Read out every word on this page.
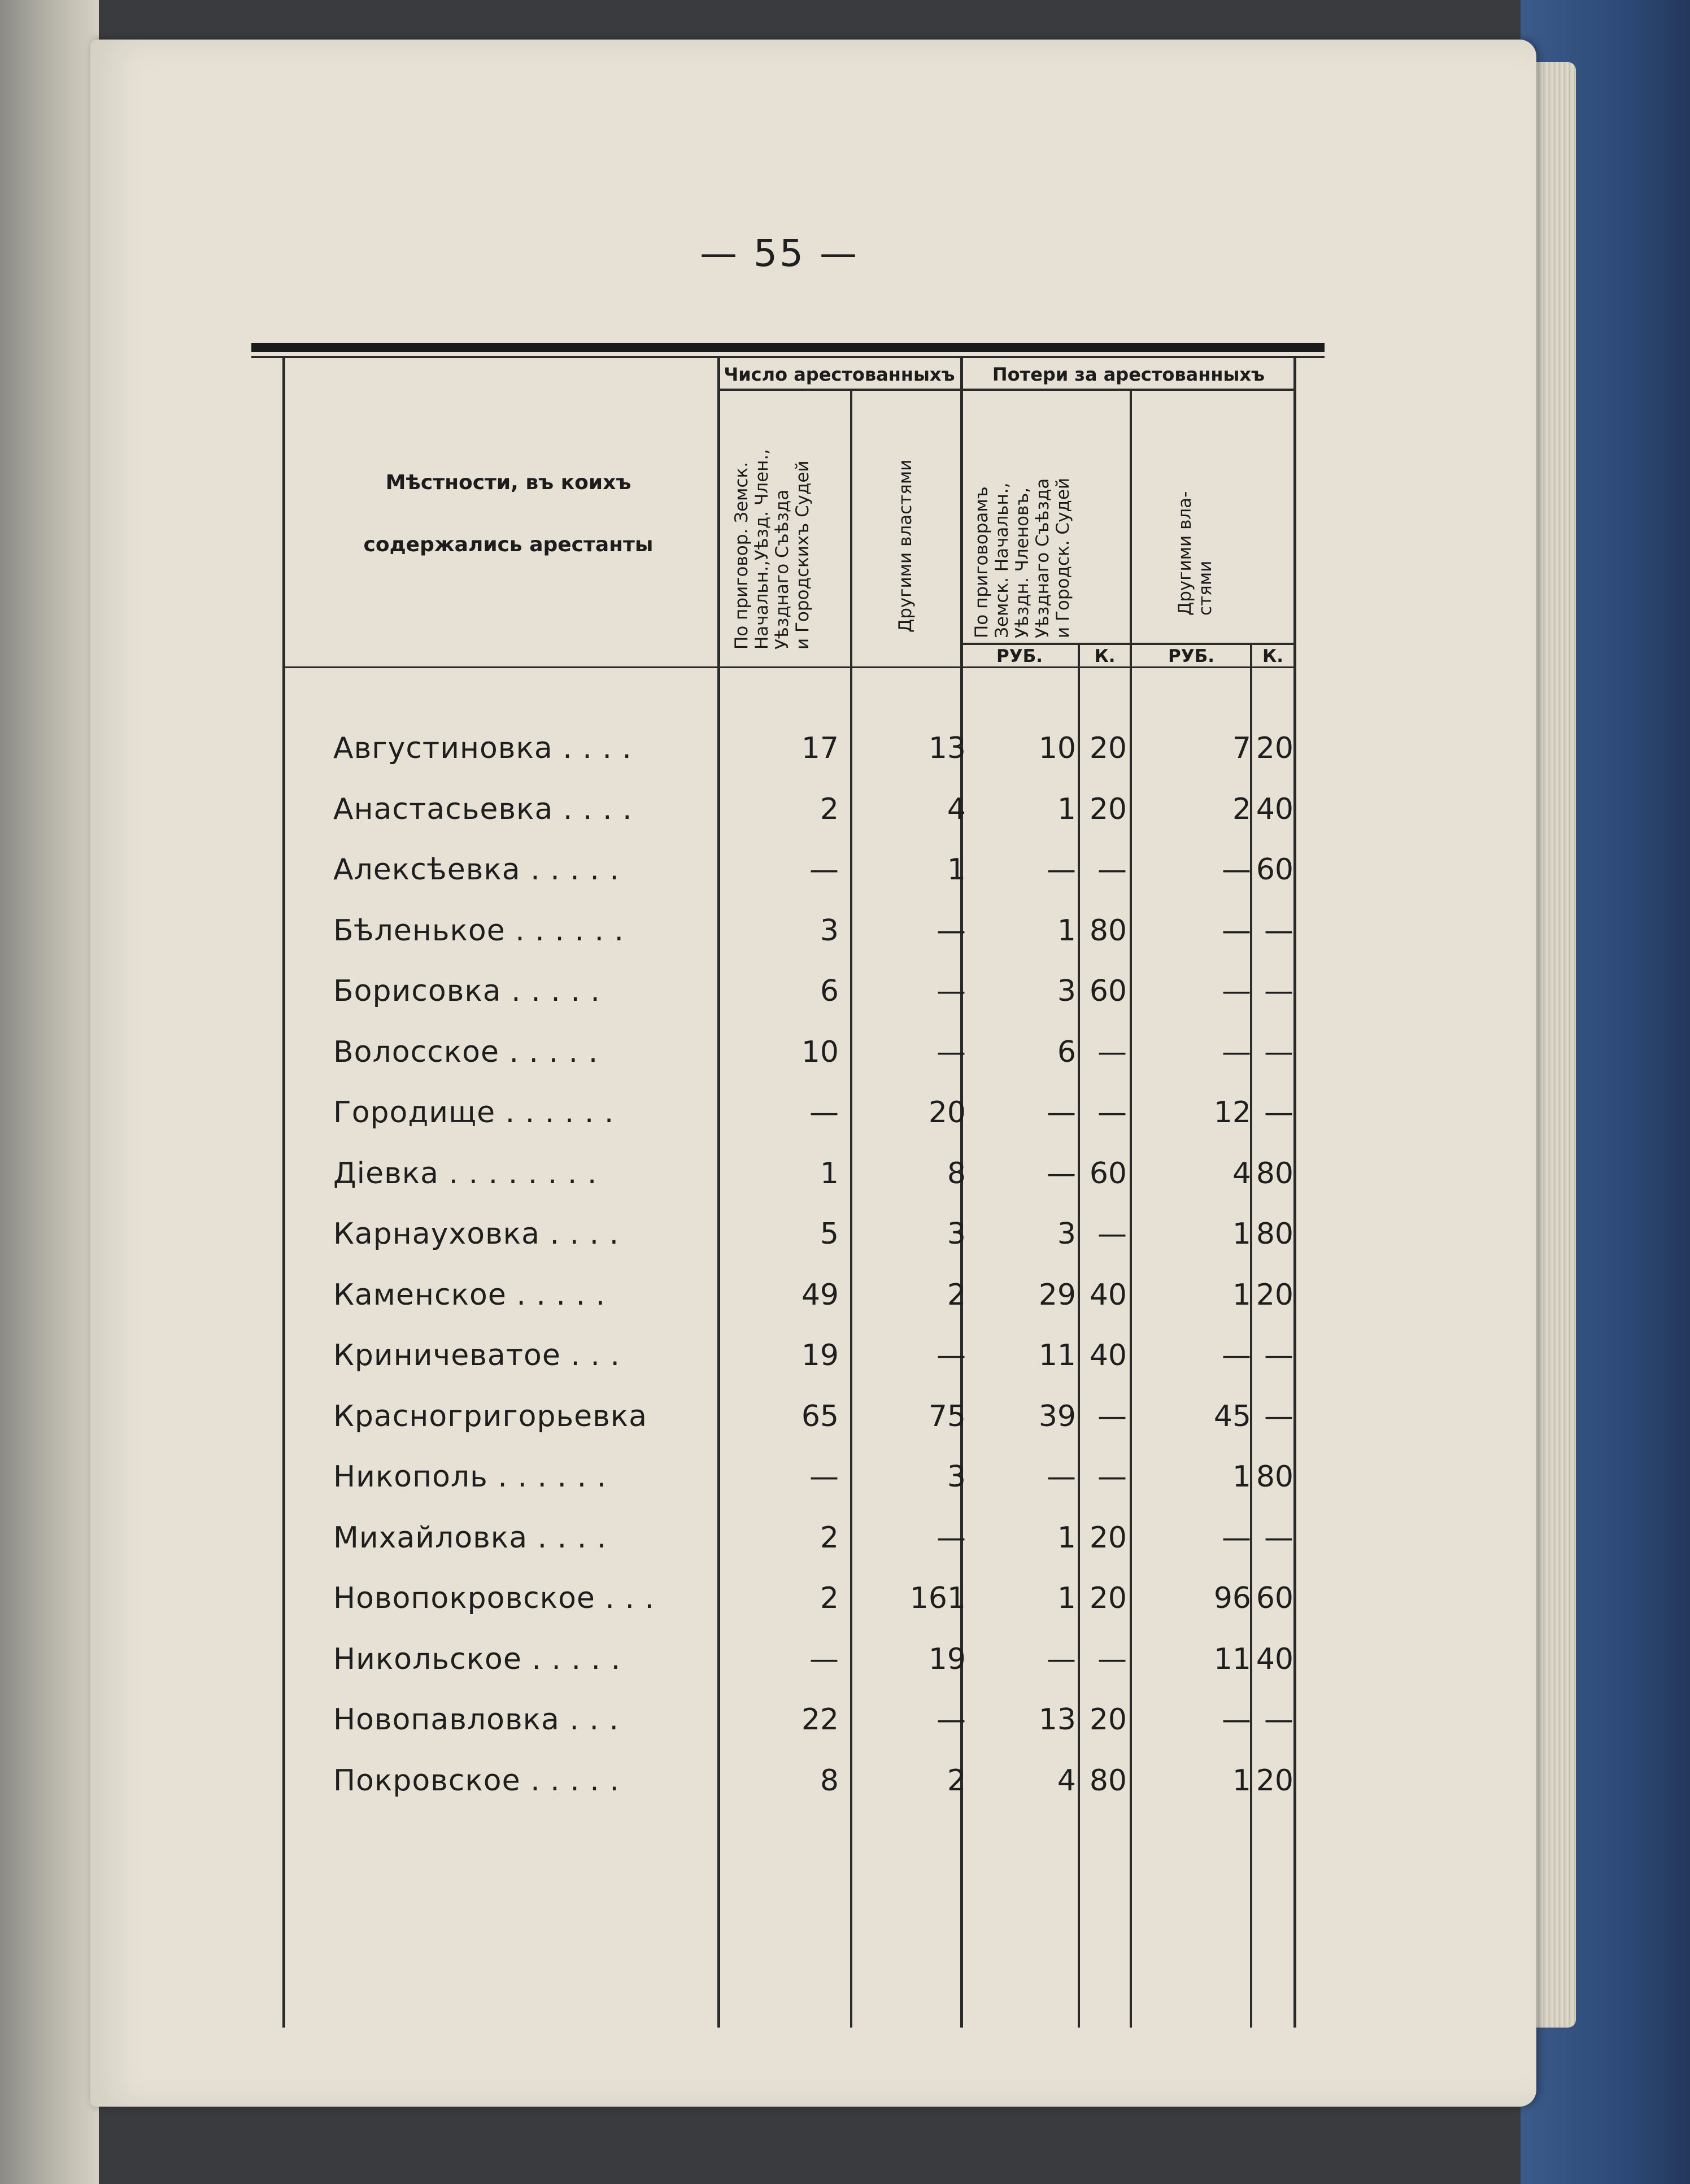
— 55 —
Мѣстности, въ коихъ
содержались арестанты
Число арестованныхъ	Потери за арестованныхъ
По приговор. Земск.
Начальн.,Уѣзд. Член.,
Уѣзднаго Съѣзда
и Городскихъ Судей	Другими властями	По приговорамъ
Земск. Начальн.,
Уѣздн. Членовъ,
Уѣзднаго Съѣзда
и Городск. Судей
Другими вла-
стями
РУБ.	К.	РУБ.	К.
Августиновка . . . .	17	13	10 20	7 20
Анастасьевка . . . .	2	4	1 20	2 40
Алексѣевка . . . . .	—	1	— —	— 60
Бѣленькое . . . . . .	3	—	1 80	— —
Борисовка . . . . .	6	—	3 60	— —
Волосское . . . . .	10	—	6 —	— —
Городище . . . . . .	—	20	— —	12 —
Діевка . . . . . . . .	1	8	— 60	4 80
Карнауховка . . . .	5	3	3 —	1 80
Каменское . . . . .	49	2	29 40	1 20
Криничеватое . . .	19	—	11 40	— —
Красногригорьевка	65	75	39 —	45 —
Никополь . . . . . .	—	3	— —	1 80
Михайловка . . . .	2	—	1 20	— —
Новопокровское . . .	2	161	1 20	96 60
Никольское . . . . .	—	19	— —	11 40
Новопавловка . . .	22	—	13 20	— —
Покровское . . . . .	8	2	4 80	1 20
